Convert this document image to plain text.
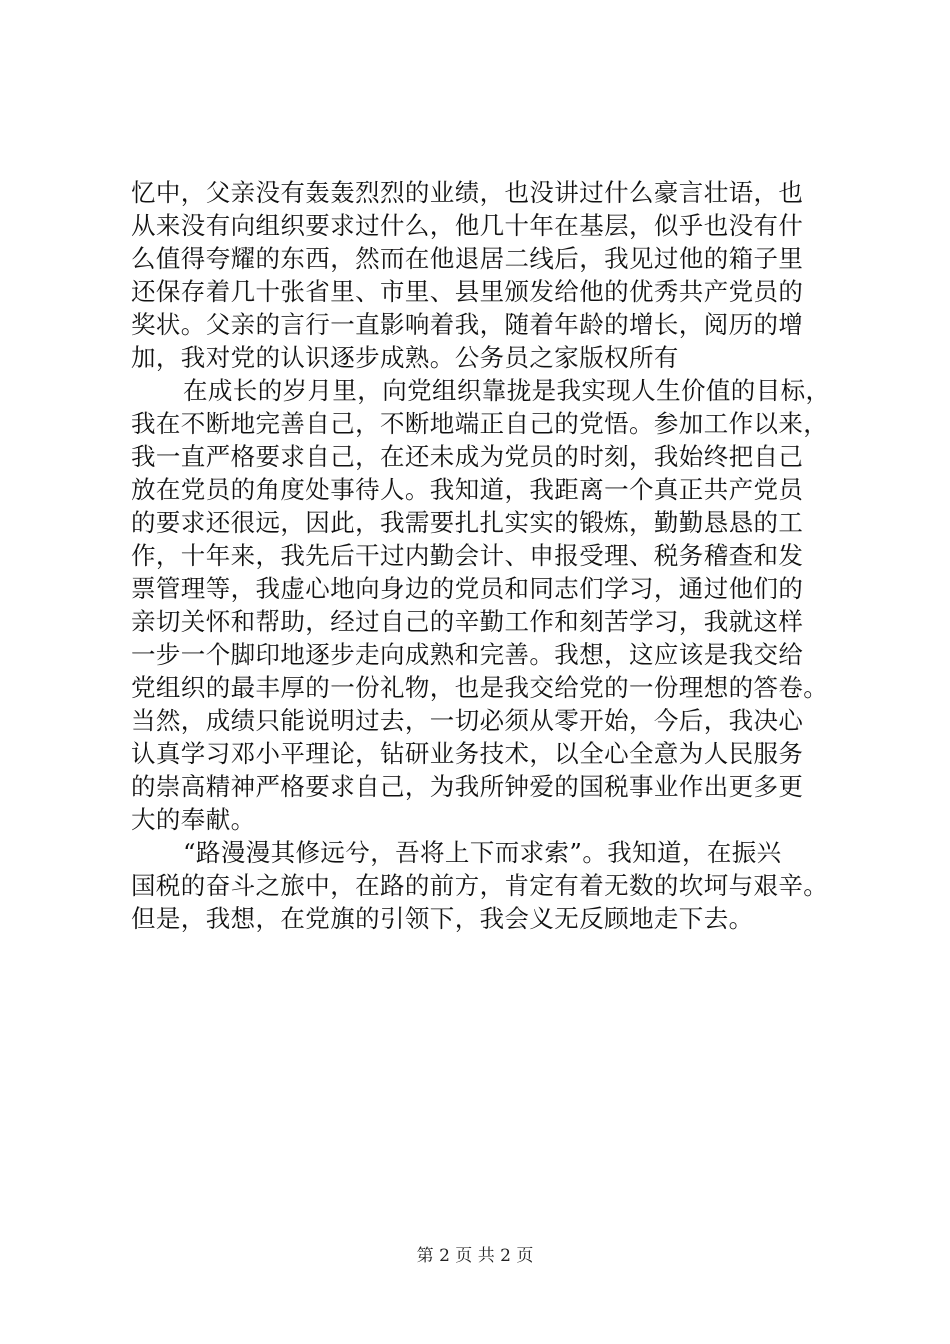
忆中，父亲没有轰轰烈烈的业绩，也没讲过什么豪言壮语，也
从来没有向组织要求过什么，他几十年在基层，似乎也没有什
么值得夸耀的东西，然而在他退居二线后，我见过他的箱子里
还保存着几十张省里、市里、县里颁发给他的优秀共产党员的
奖状。父亲的言行一直影响着我，随着年龄的增长，阅历的增
加，我对党的认识逐步成熟。公务员之家版权所有
在成长的岁月里，向党组织靠拢是我实现人生价值的目标，
我在不断地完善自己，不断地端正自己的党悟。参加工作以来，
我一直严格要求自己，在还未成为党员的时刻，我始终把自己
放在党员的角度处事待人。我知道，我距离一个真正共产党员
的要求还很远，因此，我需要扎扎实实的锻炼，勤勤恳恳的工
作，十年来，我先后干过内勤会计、申报受理、税务稽查和发
票管理等，我虚心地向身边的党员和同志们学习，通过他们的
亲切关怀和帮助，经过自己的辛勤工作和刻苦学习，我就这样
一步一个脚印地逐步走向成熟和完善。我想，这应该是我交给
党组织的最丰厚的一份礼物，也是我交给党的一份理想的答卷。
当然，成绩只能说明过去，一切必须从零开始，今后，我决心
认真学习邓小平理论，钻研业务技术，以全心全意为人民服务
的崇高精神严格要求自己，为我所钟爱的国税事业作出更多更
大的奉献。
“路漫漫其修远兮，吾将上下而求索”。我知道，在振兴
国税的奋斗之旅中，在路的前方，肯定有着无数的坎坷与艰辛。
但是，我想，在党旗的引领下，我会义无反顾地走下去。
第 2 页 共 2 页
